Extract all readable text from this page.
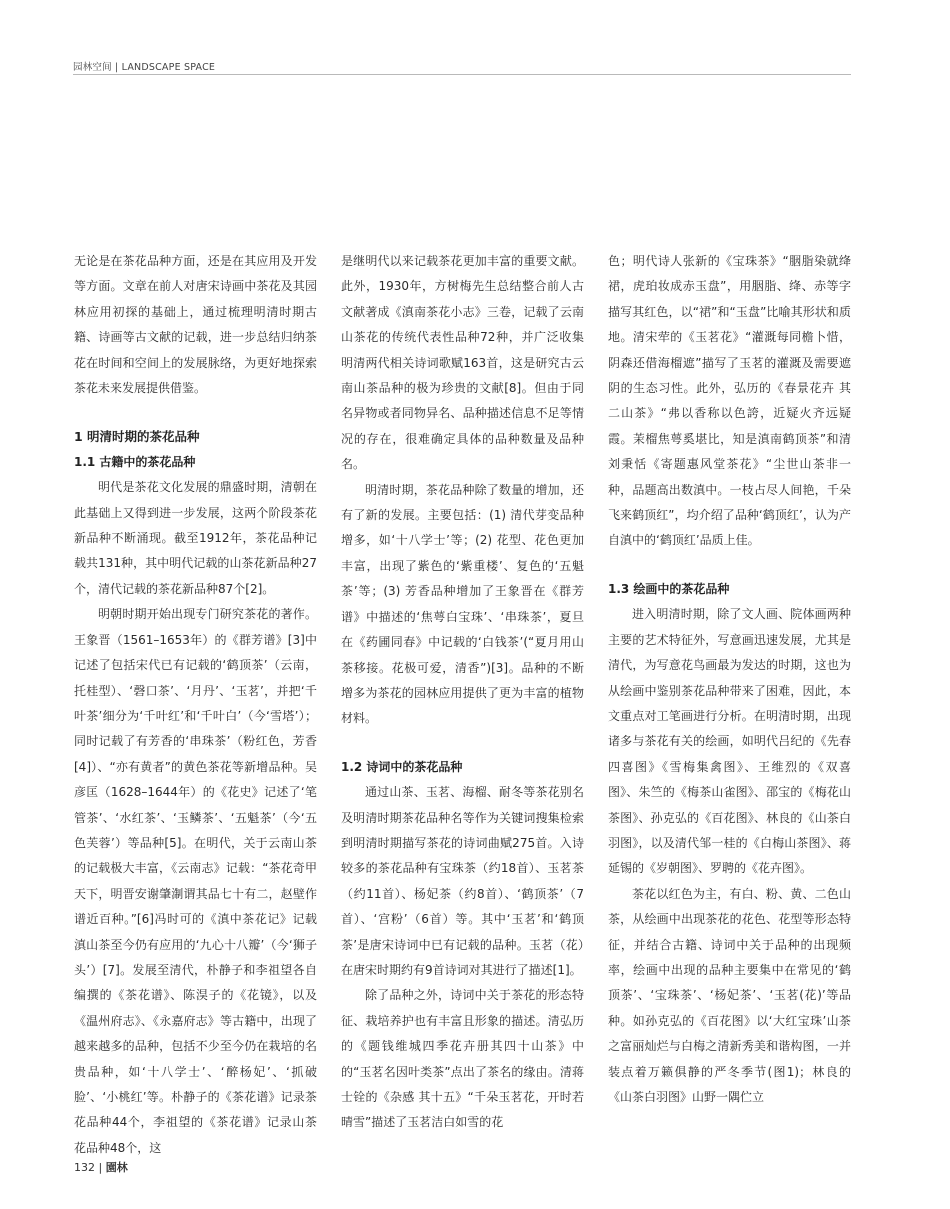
园林空间 | LANDSCAPE SPACE

无论是在茶花品种方面，还是在其应用及开发等方面。文章在前人对唐宋诗画中茶花及其园林应用初探的基础上，通过梳理明清时期古籍、诗画等古文献的记载，进一步总结归纳茶花在时间和空间上的发展脉络，为更好地探索茶花未来发展提供借鉴。

1 明清时期的茶花品种
1.1 古籍中的茶花品种

明代是茶花文化发展的鼎盛时期，清朝在此基础上又得到进一步发展，这两个阶段茶花新品种不断涌现。截至1912年，茶花品种记载共131种，其中明代记载的山茶花新品种27个，清代记载的茶花新品种87个[2]。

明朝时期开始出现专门研究茶花的著作。王象晋（1561–1653年）的《群芳谱》[3]中记述了包括宋代已有记载的‘鹤顶茶’（云南，托桂型）、‘磬口茶’、‘月丹’、‘玉茗’，并把‘千叶茶’细分为‘千叶红’和‘千叶白’（今‘雪塔’）；同时记载了有芳香的‘串珠茶’（粉红色，芳香[4]）、“亦有黄者”的黄色茶花等新增品种。吴彦匡（1628–1644年）的《花史》记述了‘笔管茶’、‘水红茶’、‘玉鳞茶’、‘五魁茶’（今‘五色芙蓉’）等品种[5]。在明代，关于云南山茶的记载极大丰富，《云南志》记载：“茶花奇甲天下，明晋安谢肇淛谓其品七十有二，赵壁作谱近百种。”[6]冯时可的《滇中茶花记》记载滇山茶至今仍有应用的‘九心十八瓣’（今‘狮子头’）[7]。发展至清代，朴静子和李祖望各自编撰的《茶花谱》、陈淏子的《花镜》，以及《温州府志》、《永嘉府志》等古籍中，出现了越来越多的品种，包括不少至今仍在栽培的名贵品种，如‘十八学士’、‘醉杨妃’、‘抓破脸’、‘小桃红’等。朴静子的《茶花谱》记录茶花品种44个，李祖望的《茶花谱》记录山茶花品种48个，这

是继明代以来记载茶花更加丰富的重要文献。此外，1930年，方树梅先生总结整合前人古文献著成《滇南茶花小志》三卷，记载了云南山茶花的传统代表性品种72种，并广泛收集明清两代相关诗词歌赋163首，这是研究古云南山茶品种的极为珍贵的文献[8]。但由于同名异物或者同物异名、品种描述信息不足等情况的存在，很难确定具体的品种数量及品种名。

明清时期，茶花品种除了数量的增加，还有了新的发展。主要包括：(1) 清代芽变品种增多，如‘十八学士’等；(2) 花型、花色更加丰富，出现了紫色的‘紫重楼’、复色的‘五魁茶’等；(3) 芳香品种增加了王象晋在《群芳谱》中描述的‘焦萼白宝珠’、‘串珠茶’，夏旦在《药圃同春》中记载的‘白钱茶’(“夏月用山茶移接。花极可爱，清香”)[3]。品种的不断增多为茶花的园林应用提供了更为丰富的植物材料。

1.2 诗词中的茶花品种

通过山茶、玉茗、海榴、耐冬等茶花别名及明清时期茶花品种名等作为关键词搜集检索到明清时期描写茶花的诗词曲赋275首。入诗较多的茶花品种有宝珠茶（约18首）、玉茗茶（约11首）、杨妃茶（约8首）、‘鹤顶茶’（7首）、‘宫粉’（6首）等。其中‘玉茗’和‘鹤顶茶’是唐宋诗词中已有记载的品种。玉茗（花）在唐宋时期约有9首诗词对其进行了描述[1]。

除了品种之外，诗词中关于茶花的形态特征、栽培养护也有丰富且形象的描述。清弘历的《题钱维城四季花卉册其四十山茶》中的“玉茗名因叶类茶”点出了茶名的缘由。清蒋士铨的《杂感 其十五》“千朵玉茗花，开时若晴雪”描述了玉茗洁白如雪的花

色；明代诗人张新的《宝珠茶》“胭脂染就绛裙，虎珀妆成赤玉盘”，用胭脂、绛、赤等字描写其红色，以“裙”和“玉盘”比喻其形状和质地。清宋荦的《玉茗花》“灌溉每同檐卜惜，阴森还借海榴遮”描写了玉茗的灌溉及需要遮阴的生态习性。此外，弘历的《春景花卉 其二山茶》“弗以香称以色誇，近疑火齐远疑霞。茉榴焦萼奚堪比，知是滇南鹤顶茶”和清刘秉恬《寄题惠风堂茶花》“尘世山茶非一种，品题高出数滇中。一枝占尽人间艳，千朵飞来鹤顶红”，均介绍了品种‘鹤顶红’，认为产自滇中的‘鹤顶红’品质上佳。

1.3 绘画中的茶花品种

进入明清时期，除了文人画、院体画两种主要的艺术特征外，写意画迅速发展，尤其是清代，为写意花鸟画最为发达的时期，这也为从绘画中鉴别茶花品种带来了困难，因此，本文重点对工笔画进行分析。在明清时期，出现诸多与茶花有关的绘画，如明代吕纪的《先春四喜图》《雪梅集禽图》、王维烈的《双喜图》、朱竺的《梅茶山雀图》、邵宝的《梅花山茶图》、孙克弘的《百花图》、林良的《山茶白羽图》，以及清代邹一桂的《白梅山茶图》、蒋延锡的《岁朝图》、罗聘的《花卉图》。

茶花以红色为主，有白、粉、黄、二色山茶，从绘画中出现茶花的花色、花型等形态特征，并结合古籍、诗词中关于品种的出现频率，绘画中出现的品种主要集中在常见的‘鹤顶茶’、‘宝珠茶’、‘杨妃茶’、‘玉茗(花)’等品种。如孙克弘的《百花图》以‘大红宝珠’山茶之富丽灿烂与白梅之清新秀美和谐构图，一并装点着万籁俱静的严冬季节(图1)；林良的《山茶白羽图》山野一隅伫立

132 | 園林
